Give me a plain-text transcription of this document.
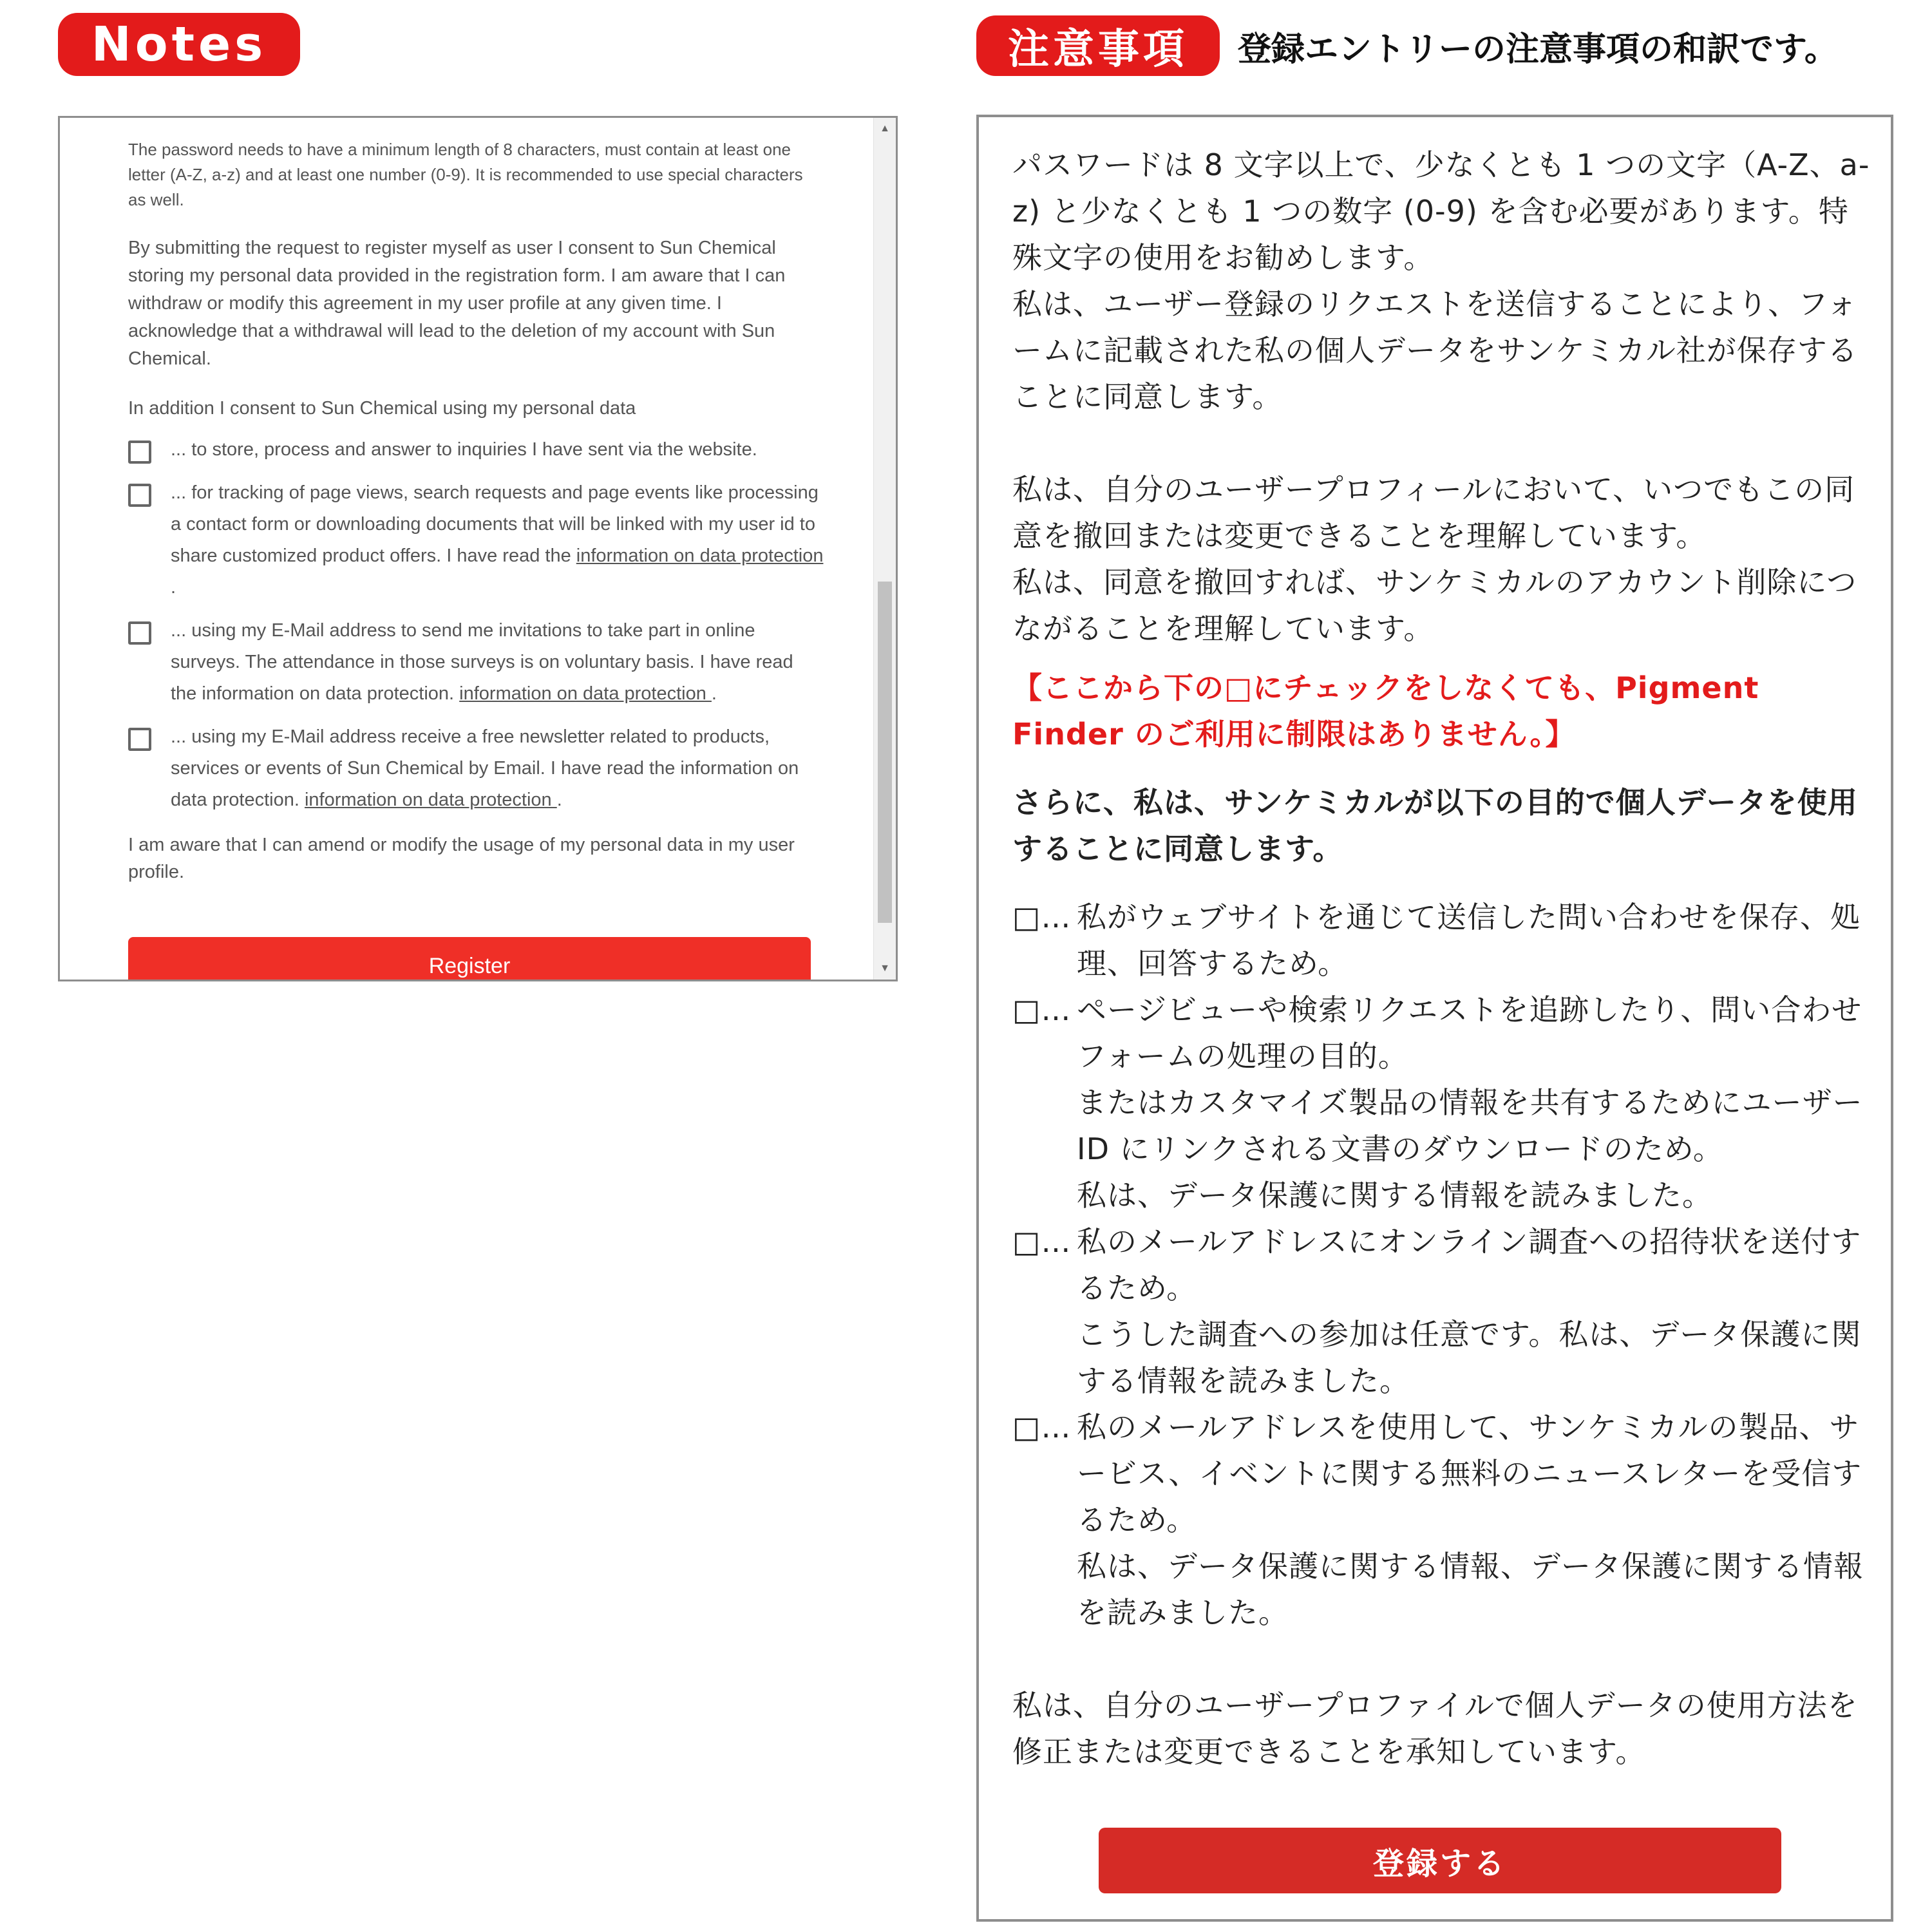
Notes	注意事項	登録エントリーの注意事項の和訳です。

The password needs to have a minimum length of 8 characters, must contain at least one letter (A-Z, a-z) and at least one number (0-9). It is recommended to use special characters as well.

By submitting the request to register myself as user I consent to Sun Chemical storing my personal data provided in the registration form. I am aware that I can withdraw or modify this agreement in my user profile at any given time. I acknowledge that a withdrawal will lead to the deletion of my account with Sun Chemical.

In addition I consent to Sun Chemical using my personal data

... to store, process and answer to inquiries I have sent via the website.
... for tracking of page views, search requests and page events like processing a contact form or downloading documents that will be linked with my user id to share customized product offers. I have read the information on data protection .
... using my E-Mail address to send me invitations to take part in online surveys. The attendance in those surveys is on voluntary basis. I have read the information on data protection. information on data protection .
... using my E-Mail address receive a free newsletter related to products, services or events of Sun Chemical by Email. I have read the information on data protection. information on data protection .

I am aware that I can amend or modify the usage of my personal data in my user profile.

Register
▲
▼

パスワードは 8 文字以上で、少なくとも 1 つの文字（A-Z、a-z) と少なくとも 1 つの数字 (0-9) を含む必要があります。特殊文字の使用をお勧めします。

私は、ユーザー登録のリクエストを送信することにより、フォームに記載された私の個人データをサンケミカル社が保存することに同意します。

私は、自分のユーザープロフィールにおいて、いつでもこの同意を撤回または変更できることを理解しています。

私は、同意を撤回すれば、サンケミカルのアカウント削除につながることを理解しています。

【ここから下の□にチェックをしなくても、Pigment Finder のご利用に制限はありません。】

さらに、私は、サンケミカルが以下の目的で個人データを使用することに同意します。

□… 私がウェブサイトを通じて送信した問い合わせを保存、処理、回答するため。

□… ページビューや検索リクエストを追跡したり、問い合わせフォームの処理の目的。

またはカスタマイズ製品の情報を共有するためにユーザー ID にリンクされる文書のダウンロードのため。

私は、データ保護に関する情報を読みました。

□… 私のメールアドレスにオンライン調査への招待状を送付するため。

こうした調査への参加は任意です。私は、データ保護に関する情報を読みました。

□… 私のメールアドレスを使用して、サンケミカルの製品、サービス、イベントに関する無料のニュースレターを受信するため。

私は、データ保護に関する情報、データ保護に関する情報を読みました。

私は、自分のユーザープロファイルで個人データの使用方法を修正または変更できることを承知しています。

登録する
